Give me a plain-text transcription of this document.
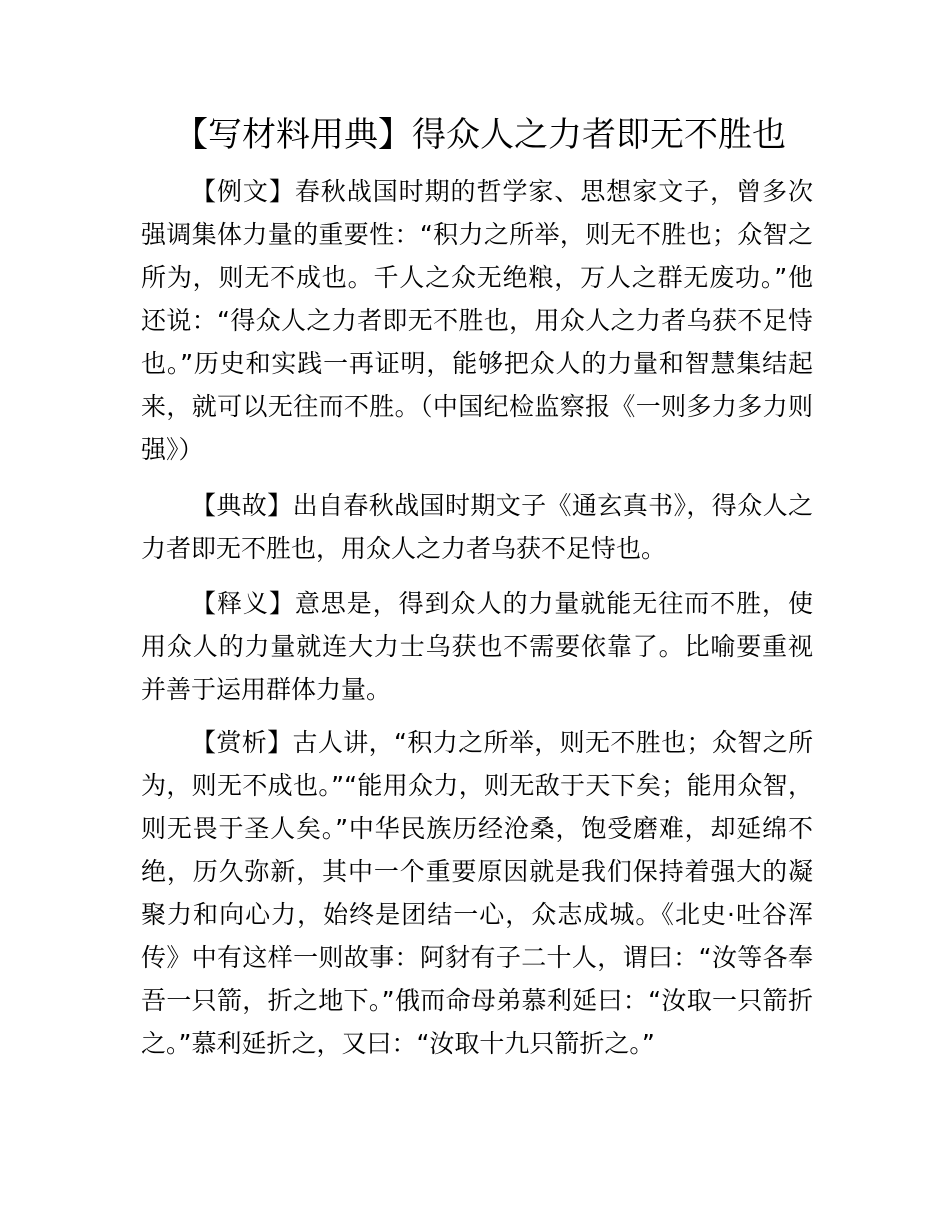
【写材料用典】得众人之力者即无不胜也

【例文】春秋战国时期的哲学家、思想家文子，曾多次强调集体力量的重要性：“积力之所举，则无不胜也；众智之所为，则无不成也。千人之众无绝粮，万人之群无废功。”他还说：“得众人之力者即无不胜也，用众人之力者乌获不足恃也。”历史和实践一再证明，能够把众人的力量和智慧集结起来，就可以无往而不胜。（中国纪检监察报《一则多力多力则强》）

【典故】出自春秋战国时期文子《通玄真书》，得众人之力者即无不胜也，用众人之力者乌获不足恃也。

【释义】意思是，得到众人的力量就能无往而不胜，使用众人的力量就连大力士乌获也不需要依靠了。比喻要重视并善于运用群体力量。

【赏析】古人讲，“积力之所举，则无不胜也；众智之所为，则无不成也。”“能用众力，则无敌于天下矣；能用众智，则无畏于圣人矣。”中华民族历经沧桑，饱受磨难，却延绵不绝，历久弥新，其中一个重要原因就是我们保持着强大的凝聚力和向心力，始终是团结一心，众志成城。《北史·吐谷浑传》中有这样一则故事：阿豺有子二十人，谓曰：“汝等各奉吾一只箭，折之地下。”俄而命母弟慕利延曰：“汝取一只箭折之。”慕利延折之，又曰：“汝取十九只箭折之。”
